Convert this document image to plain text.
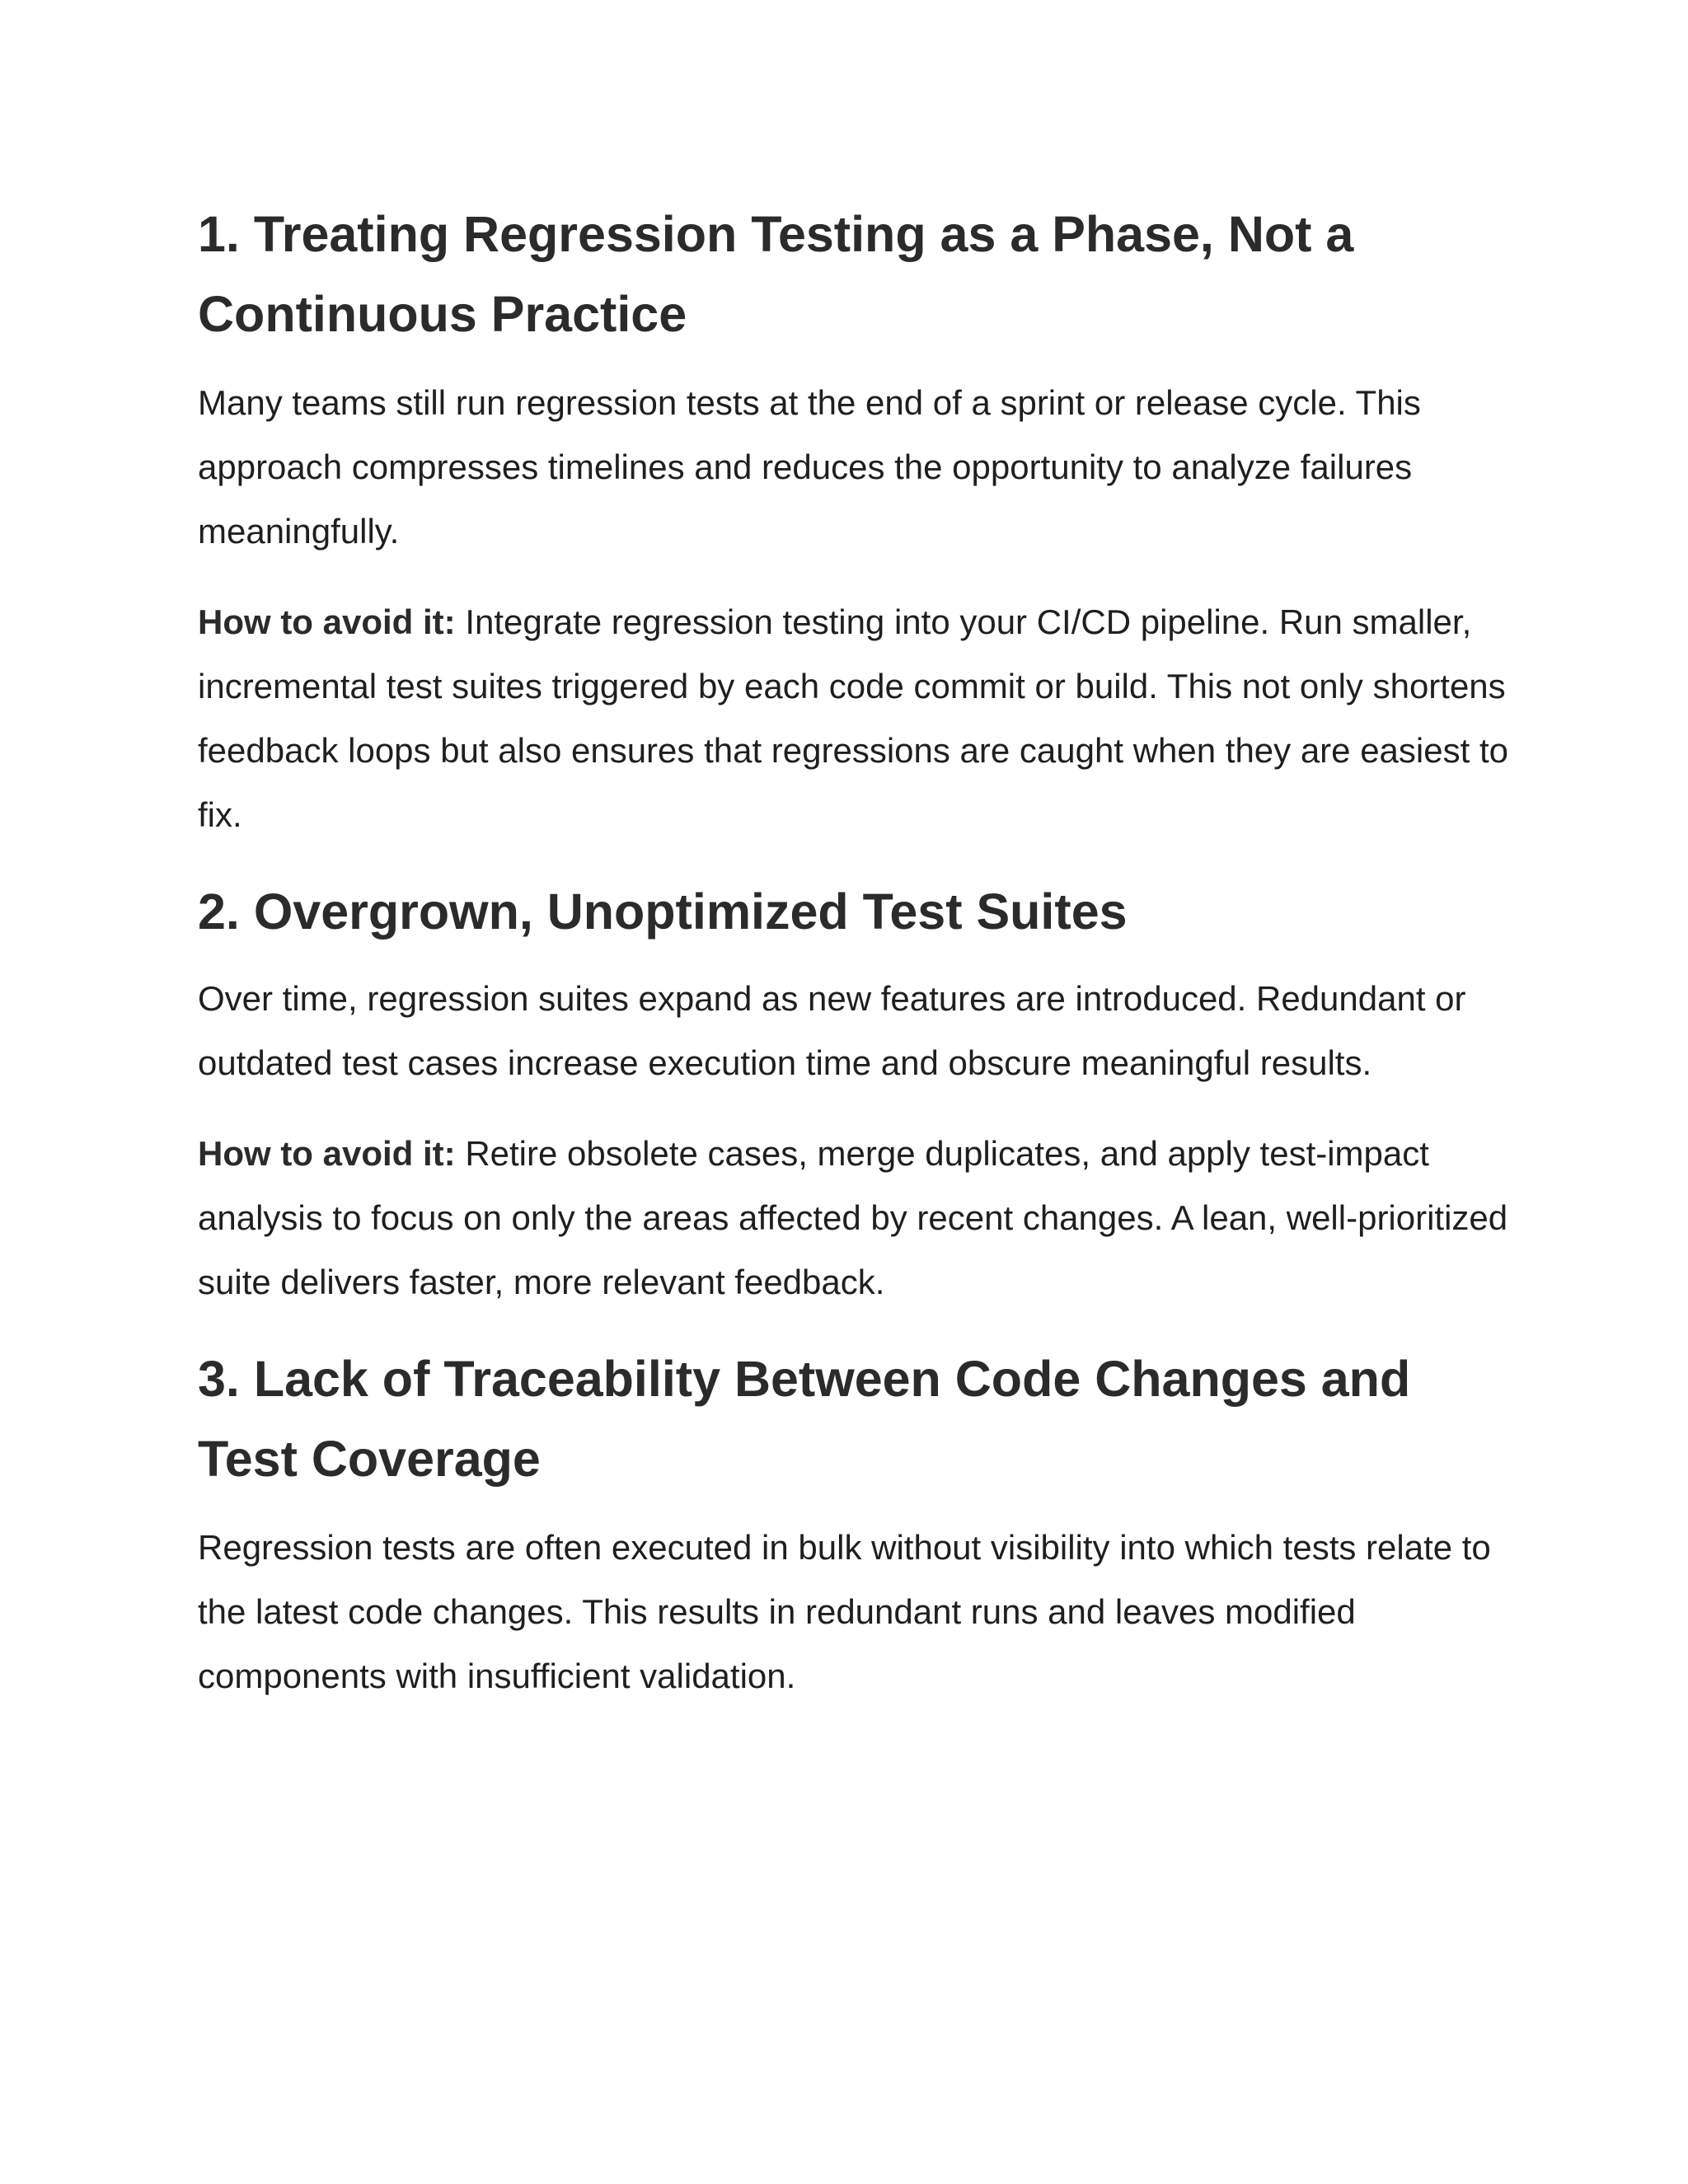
1. Treating Regression Testing as a Phase, Not a Continuous Practice

Many teams still run regression tests at the end of a sprint or release cycle. This approach compresses timelines and reduces the opportunity to analyze failures meaningfully.

How to avoid it: Integrate regression testing into your CI/CD pipeline. Run smaller, incremental test suites triggered by each code commit or build. This not only shortens feedback loops but also ensures that regressions are caught when they are easiest to fix.

2. Overgrown, Unoptimized Test Suites

Over time, regression suites expand as new features are introduced. Redundant or outdated test cases increase execution time and obscure meaningful results.

How to avoid it: Retire obsolete cases, merge duplicates, and apply test-impact analysis to focus on only the areas affected by recent changes. A lean, well-prioritized suite delivers faster, more relevant feedback.

3. Lack of Traceability Between Code Changes and Test Coverage

Regression tests are often executed in bulk without visibility into which tests relate to the latest code changes. This results in redundant runs and leaves modified components with insufficient validation.
